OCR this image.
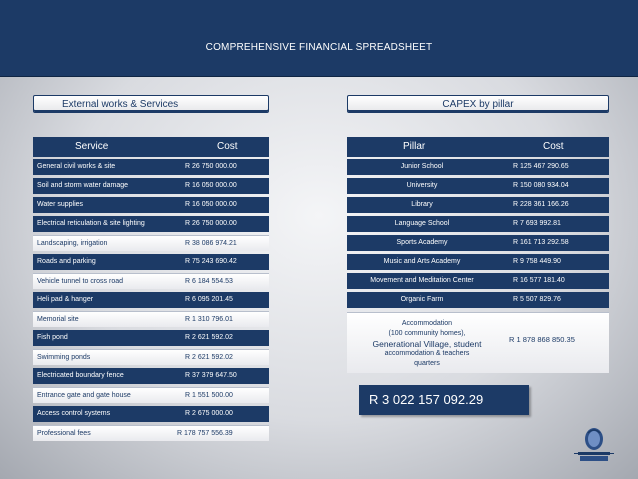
COMPREHENSIVE FINANCIAL SPREADSHEET
External works & Services	CAPEX by pillar
Service	Cost
General civil works & site	R 26 750 000.00
Soil and storm water damage	R 16 050 000.00
Water supplies	R 16 050 000.00
Electrical reticulation & site lighting	R 26 750 000.00
Landscaping, irrigation	R 38 086 974.21
Roads and parking	R 75 243 690.42
Vehicle tunnel to cross road	R 6 184 554.53
Heli pad & hanger	R 6 095 201.45
Memorial site	R 1 310 796.01
Fish pond	R 2 621 592.02
Swimming ponds	R 2 621 592.02
Electricated boundary fence	R 37 379 647.50
Entrance gate and gate house	R 1 551 500.00
Access control systems	R 2 675 000.00
Professional fees	R 178 757 556.39
Pillar	Cost
Junior School	R 125 467 290.65
University	R 150 080 934.04
Library	R 228 361 166.26
Language School	R 7 693 992.81
Sports Academy	R 161 713 292.58
Music and Arts Academy	R 9 758 449.90
Movement and Meditation Center	R 16 577 181.40
Organic Farm	R 5 507 829.76
Accommodation
(100 community homes),
Generational Village, student
accommodation & teachers
quarters
R 1 878 868 850.35
R 3 022 157 092.29
